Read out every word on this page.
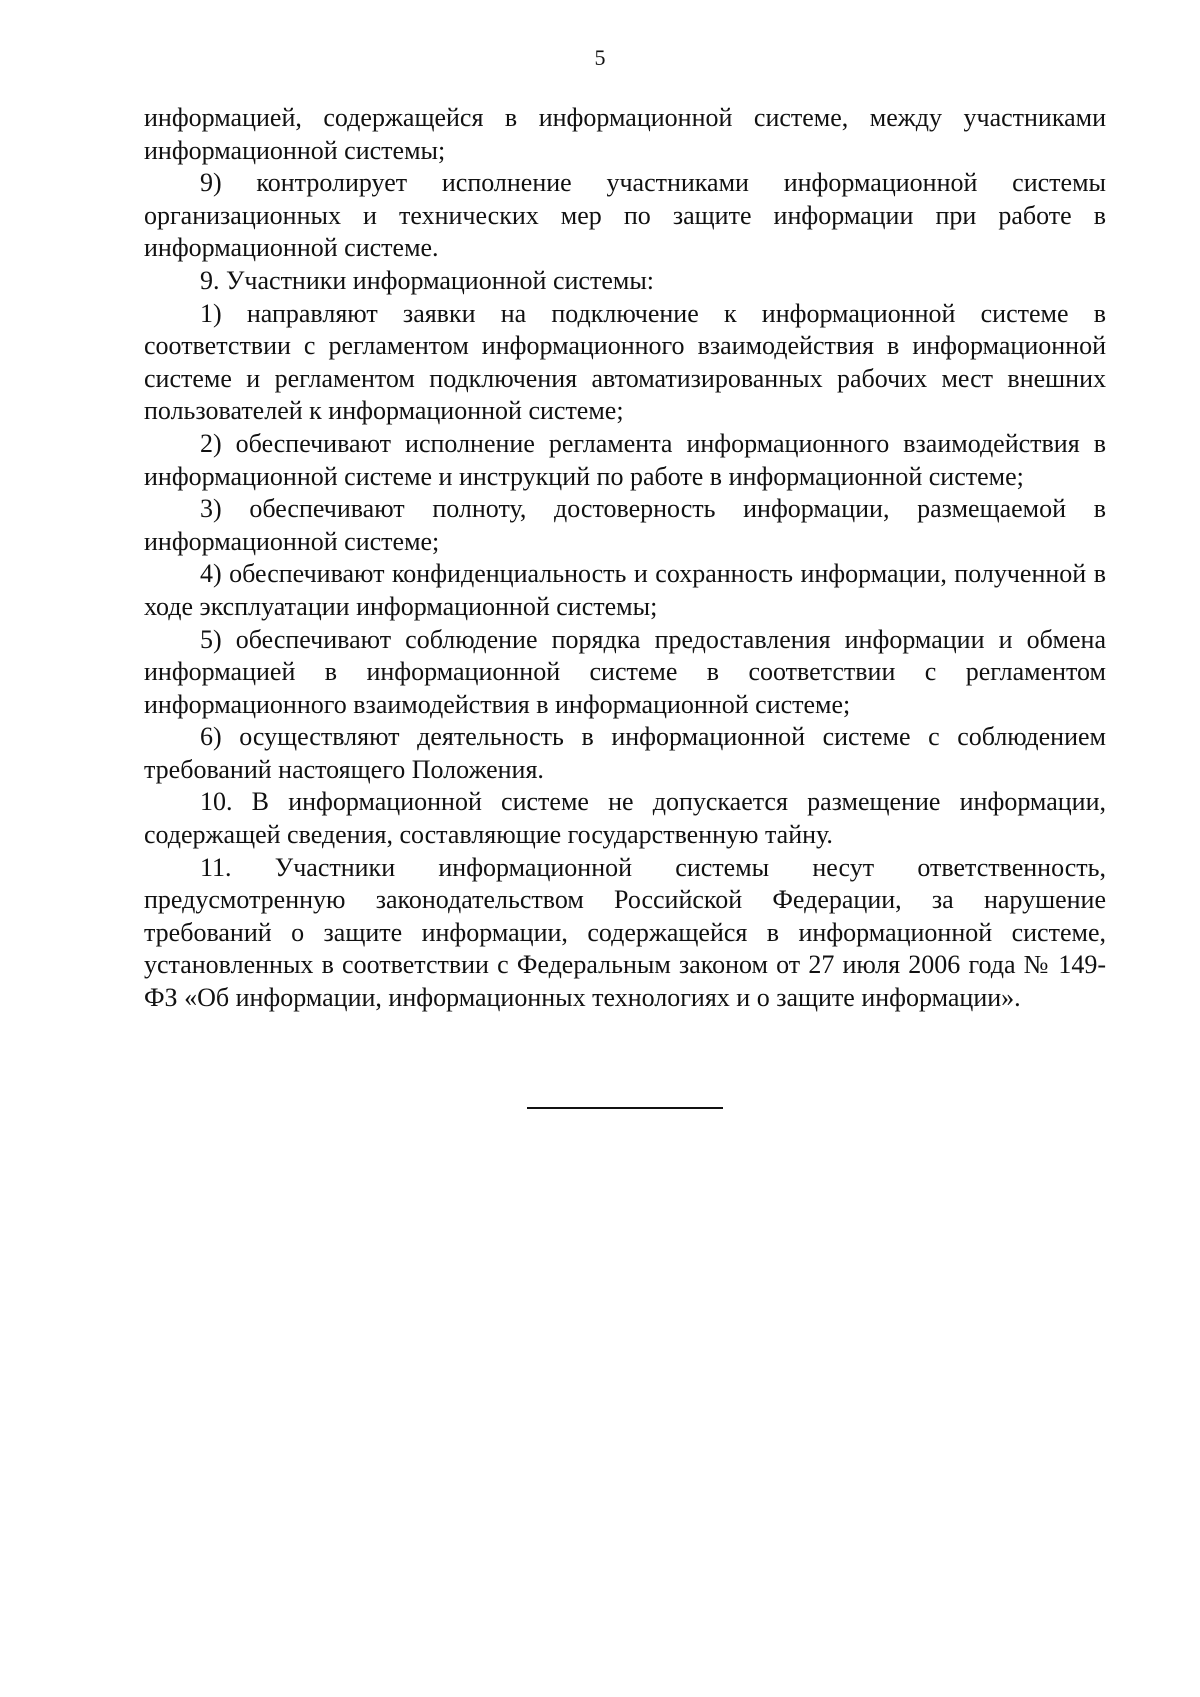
5

информацией, содержащейся в информационной системе, между участниками информационной системы;

9) контролирует исполнение участниками информационной системы организационных и технических мер по защите информации при работе в информационной системе.

9. Участники информационной системы:

1) направляют заявки на подключение к информационной системе в соответствии с регламентом информационного взаимодействия в информационной системе и регламентом подключения автоматизированных рабочих мест внешних пользователей к информационной системе;

2) обеспечивают исполнение регламента информационного взаимодействия в информационной системе и инструкций по работе в информационной системе;

3) обеспечивают полноту, достоверность информации, размещаемой в информационной системе;

4) обеспечивают конфиденциальность и сохранность информации, полученной в ходе эксплуатации информационной системы;

5) обеспечивают соблюдение порядка предоставления информации и обмена информацией в информационной системе в соответствии с регламентом информационного взаимодействия в информационной системе;

6) осуществляют деятельность в информационной системе с соблюдением требований настоящего Положения.

10. В информационной системе не допускается размещение информации, содержащей сведения, составляющие государственную тайну.

11. Участники информационной системы несут ответственность, предусмотренную законодательством Российской Федерации, за нарушение требований о защите информации, содержащейся в информационной системе, установленных в соответствии с Федеральным законом от 27 июля 2006 года № 149-ФЗ «Об информации, информационных технологиях и о защите информации».
